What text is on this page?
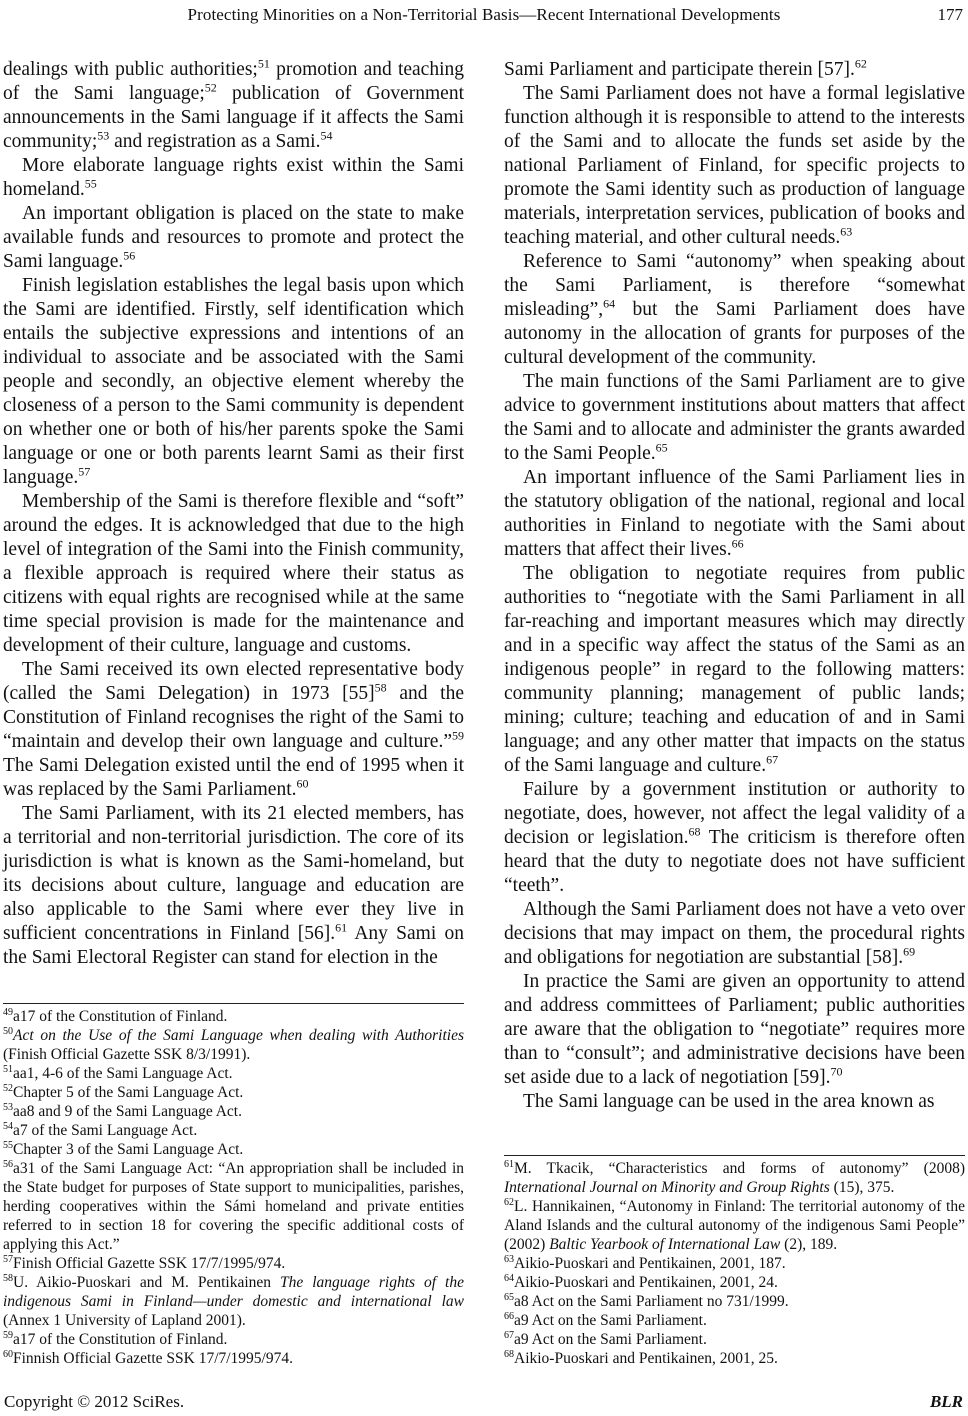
Protecting Minorities on a Non-Territorial Basis—Recent International Developments	177

dealings with public authorities;$^{51}$ promotion and teaching of the Sami language;$^{52}$ publication of Government announcements in the Sami language if it affects the Sami community;$^{53}$ and registration as a Sami.$^{54}$

More elaborate language rights exist within the Sami homeland.$^{55}$

An important obligation is placed on the state to make available funds and resources to promote and protect the Sami language.$^{56}$

Finish legislation establishes the legal basis upon which the Sami are identified. Firstly, self identification which entails the subjective expressions and intentions of an individual to associate and be associated with the Sami people and secondly, an objective element whereby the closeness of a person to the Sami community is dependent on whether one or both of his/her parents spoke the Sami language or one or both parents learnt Sami as their first language.$^{57}$

Membership of the Sami is therefore flexible and “soft” around the edges. It is acknowledged that due to the high level of integration of the Sami into the Finish community, a flexible approach is required where their status as citizens with equal rights are recognised while at the same time special provision is made for the maintenance and development of their culture, language and customs.

The Sami received its own elected representative body (called the Sami Delegation) in 1973 $[55]^{58}$ and the Constitution of Finland recognises the right of the Sami to “maintain and develop their own language and culture.”$^{59}$ The Sami Delegation existed until the end of 1995 when it was replaced by the Sami Parliament.$^{60}$

The Sami Parliament, with its 21 elected members, has a territorial and non-territorial jurisdiction. The core of its jurisdiction is what is known as the Sami-homeland, but its decisions about culture, language and education are also applicable to the Sami where ever they live in sufficient concentrations in Finland [56].$^{61}$ Any Sami on the Sami Electoral Register can stand for election in the

$^{49}$a17 of the Constitution of Finland.
$^{50}$Act on the Use of the Sami Language when dealing with Authorities (Finish Official Gazette SSK 8/3/1991).
$^{51}$aa1, 4-6 of the Sami Language Act.
$^{52}$Chapter 5 of the Sami Language Act.
$^{53}$aa8 and 9 of the Sami Language Act.
$^{54}$a7 of the Sami Language Act.
$^{55}$Chapter 3 of the Sami Language Act.
$^{56}$a31 of the Sami Language Act: “An appropriation shall be included in the State budget for purposes of State support to municipalities, parishes, herding cooperatives within the Sámi homeland and private entities referred to in section 18 for covering the specific additional costs of applying this Act.”
$^{57}$Finish Official Gazette SSK 17/7/1995/974.
$^{58}$U. Aikio-Puoskari and M. Pentikainen The language rights of the indigenous Sami in Finland—under domestic and international law (Annex 1 University of Lapland 2001).
$^{59}$a17 of the Constitution of Finland.
$^{60}$Finnish Official Gazette SSK 17/7/1995/974.

Sami Parliament and participate therein [57].$^{62}$

The Sami Parliament does not have a formal legislative function although it is responsible to attend to the interests of the Sami and to allocate the funds set aside by the national Parliament of Finland, for specific projects to promote the Sami identity such as production of language materials, interpretation services, publication of books and teaching material, and other cultural needs.$^{63}$

Reference to Sami “autonomy” when speaking about the Sami Parliament, is therefore “somewhat misleading”,$^{64}$ but the Sami Parliament does have autonomy in the allocation of grants for purposes of the cultural development of the community.

The main functions of the Sami Parliament are to give advice to government institutions about matters that affect the Sami and to allocate and administer the grants awarded to the Sami People.$^{65}$

An important influence of the Sami Parliament lies in the statutory obligation of the national, regional and local authorities in Finland to negotiate with the Sami about matters that affect their lives.$^{66}$

The obligation to negotiate requires from public authorities to “negotiate with the Sami Parliament in all far-reaching and important measures which may directly and in a specific way affect the status of the Sami as an indigenous people” in regard to the following matters: community planning; management of public lands; mining; culture; teaching and education of and in Sami language; and any other matter that impacts on the status of the Sami language and culture.$^{67}$

Failure by a government institution or authority to negotiate, does, however, not affect the legal validity of a decision or legislation.$^{68}$ The criticism is therefore often heard that the duty to negotiate does not have sufficient “teeth”.

Although the Sami Parliament does not have a veto over decisions that may impact on them, the procedural rights and obligations for negotiation are substantial [58].$^{69}$

In practice the Sami are given an opportunity to attend and address committees of Parliament; public authorities are aware that the obligation to “negotiate” requires more than to “consult”; and administrative decisions have been set aside due to a lack of negotiation [59].$^{70}$

The Sami language can be used in the area known as

$^{61}$M. Tkacik, “Characteristics and forms of autonomy” (2008) International Journal on Minority and Group Rights (15), 375.
$^{62}$L. Hannikainen, “Autonomy in Finland: The territorial autonomy of the Aland Islands and the cultural autonomy of the indigenous Sami People” (2002) Baltic Yearbook of International Law (2), 189.
$^{63}$Aikio-Puoskari and Pentikainen, 2001, 187.
$^{64}$Aikio-Puoskari and Pentikainen, 2001, 24.
$^{65}$a8 Act on the Sami Parliament no 731/1999.
$^{66}$a9 Act on the Sami Parliament.
$^{67}$a9 Act on the Sami Parliament.
$^{68}$Aikio-Puoskari and Pentikainen, 2001, 25.
Copyright © 2012 SciRes.	BLR
